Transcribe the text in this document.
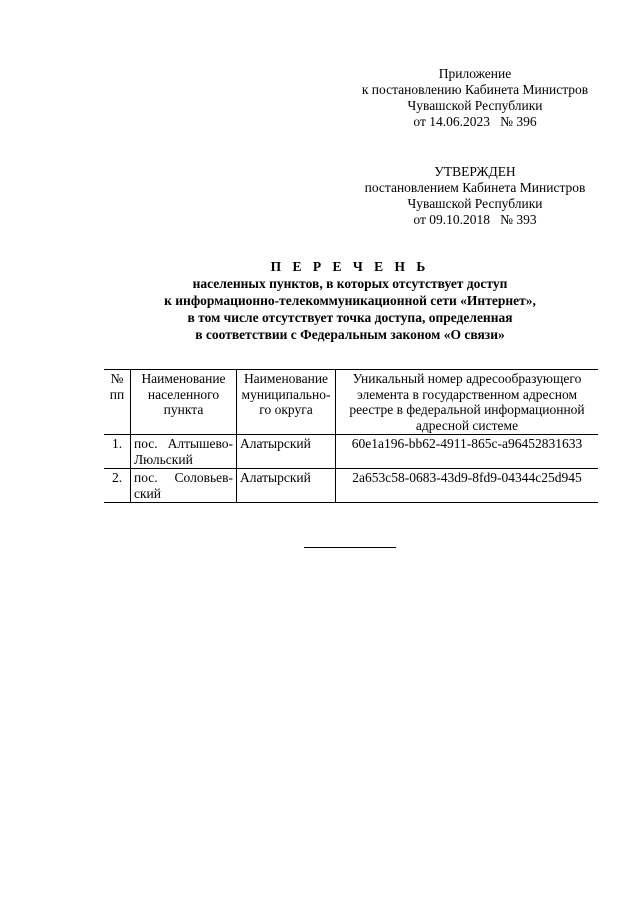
Приложение
к постановлению Кабинета Министров
Чувашской Республики
от 14.06.2023   № 396
УТВЕРЖДЕН
постановлением Кабинета Министров
Чувашской Республики
от 09.10.2018   № 393
П Е Р Е Ч Е Н Ь
населенных пунктов, в которых отсутствует доступ
к информационно-телекоммуникационной сети «Интернет»,
в том числе отсутствует точка доступа, определенная
в соответствии с Федеральным законом «О связи»
№ пп	Наименование населенного пункта	Наименование муниципально-го округа	Уникальный номер адресообразующего элемента в государственном адресном реестре в федеральной информационной адресной системе
1.	пос. Алтышево-Люльский	Алатырский	60e1a196-bb62-4911-865c-a96452831633
2.	пос. Соловьев-ский	Алатырский	2a653c58-0683-43d9-8fd9-04344c25d945
